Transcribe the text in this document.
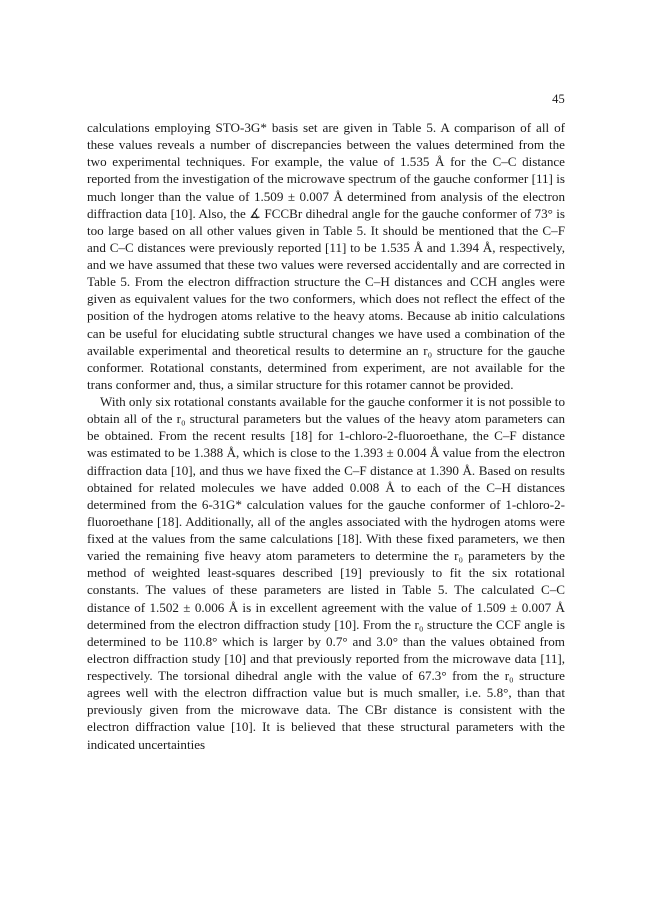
45

calculations employing STO-3G* basis set are given in Table 5. A comparison of all of these values reveals a number of discrepancies between the values determined from the two experimental techniques. For example, the value of 1.535 Å for the C–C distance reported from the investigation of the microwave spectrum of the gauche conformer [11] is much longer than the value of 1.509 ± 0.007 Å determined from analysis of the electron diffraction data [10]. Also, the ∡ FCCBr dihedral angle for the gauche conformer of 73° is too large based on all other values given in Table 5. It should be mentioned that the C–F and C–C distances were previously reported [11] to be 1.535 Å and 1.394 Å, respectively, and we have assumed that these two values were reversed accidentally and are corrected in Table 5. From the electron diffraction structure the C–H distances and CCH angles were given as equivalent values for the two conformers, which does not reflect the effect of the position of the hydrogen atoms relative to the heavy atoms. Because ab initio calculations can be useful for elucidating subtle structural changes we have used a combination of the available experimental and theoretical results to determine an r₀ structure for the gauche conformer. Rotational constants, determined from experiment, are not available for the trans conformer and, thus, a similar structure for this rotamer cannot be provided.

With only six rotational constants available for the gauche conformer it is not possible to obtain all of the r₀ structural parameters but the values of the heavy atom parameters can be obtained. From the recent results [18] for 1-chloro-2-fluoroethane, the C–F distance was estimated to be 1.388 Å, which is close to the 1.393 ± 0.004 Å value from the electron diffraction data [10], and thus we have fixed the C–F distance at 1.390 Å. Based on results obtained for related molecules we have added 0.008 Å to each of the C–H distances determined from the 6-31G* calculation values for the gauche conformer of 1-chloro-2-fluoroethane [18]. Additionally, all of the angles associated with the hydrogen atoms were fixed at the values from the same calculations [18]. With these fixed parameters, we then varied the remaining five heavy atom parameters to determine the r₀ parameters by the method of weighted least-squares described [19] previously to fit the six rotational constants. The values of these parameters are listed in Table 5. The calculated C–C distance of 1.502 ± 0.006 Å is in excellent agreement with the value of 1.509 ± 0.007 Å determined from the electron diffraction study [10]. From the r₀ structure the CCF angle is determined to be 110.8° which is larger by 0.7° and 3.0° than the values obtained from electron diffraction study [10] and that previously reported from the microwave data [11], respectively. The torsional dihedral angle with the value of 67.3° from the r₀ structure agrees well with the electron diffraction value but is much smaller, i.e. 5.8°, than that previously given from the microwave data. The CBr distance is consistent with the electron diffraction value [10]. It is believed that these structural parameters with the indicated uncertainties
